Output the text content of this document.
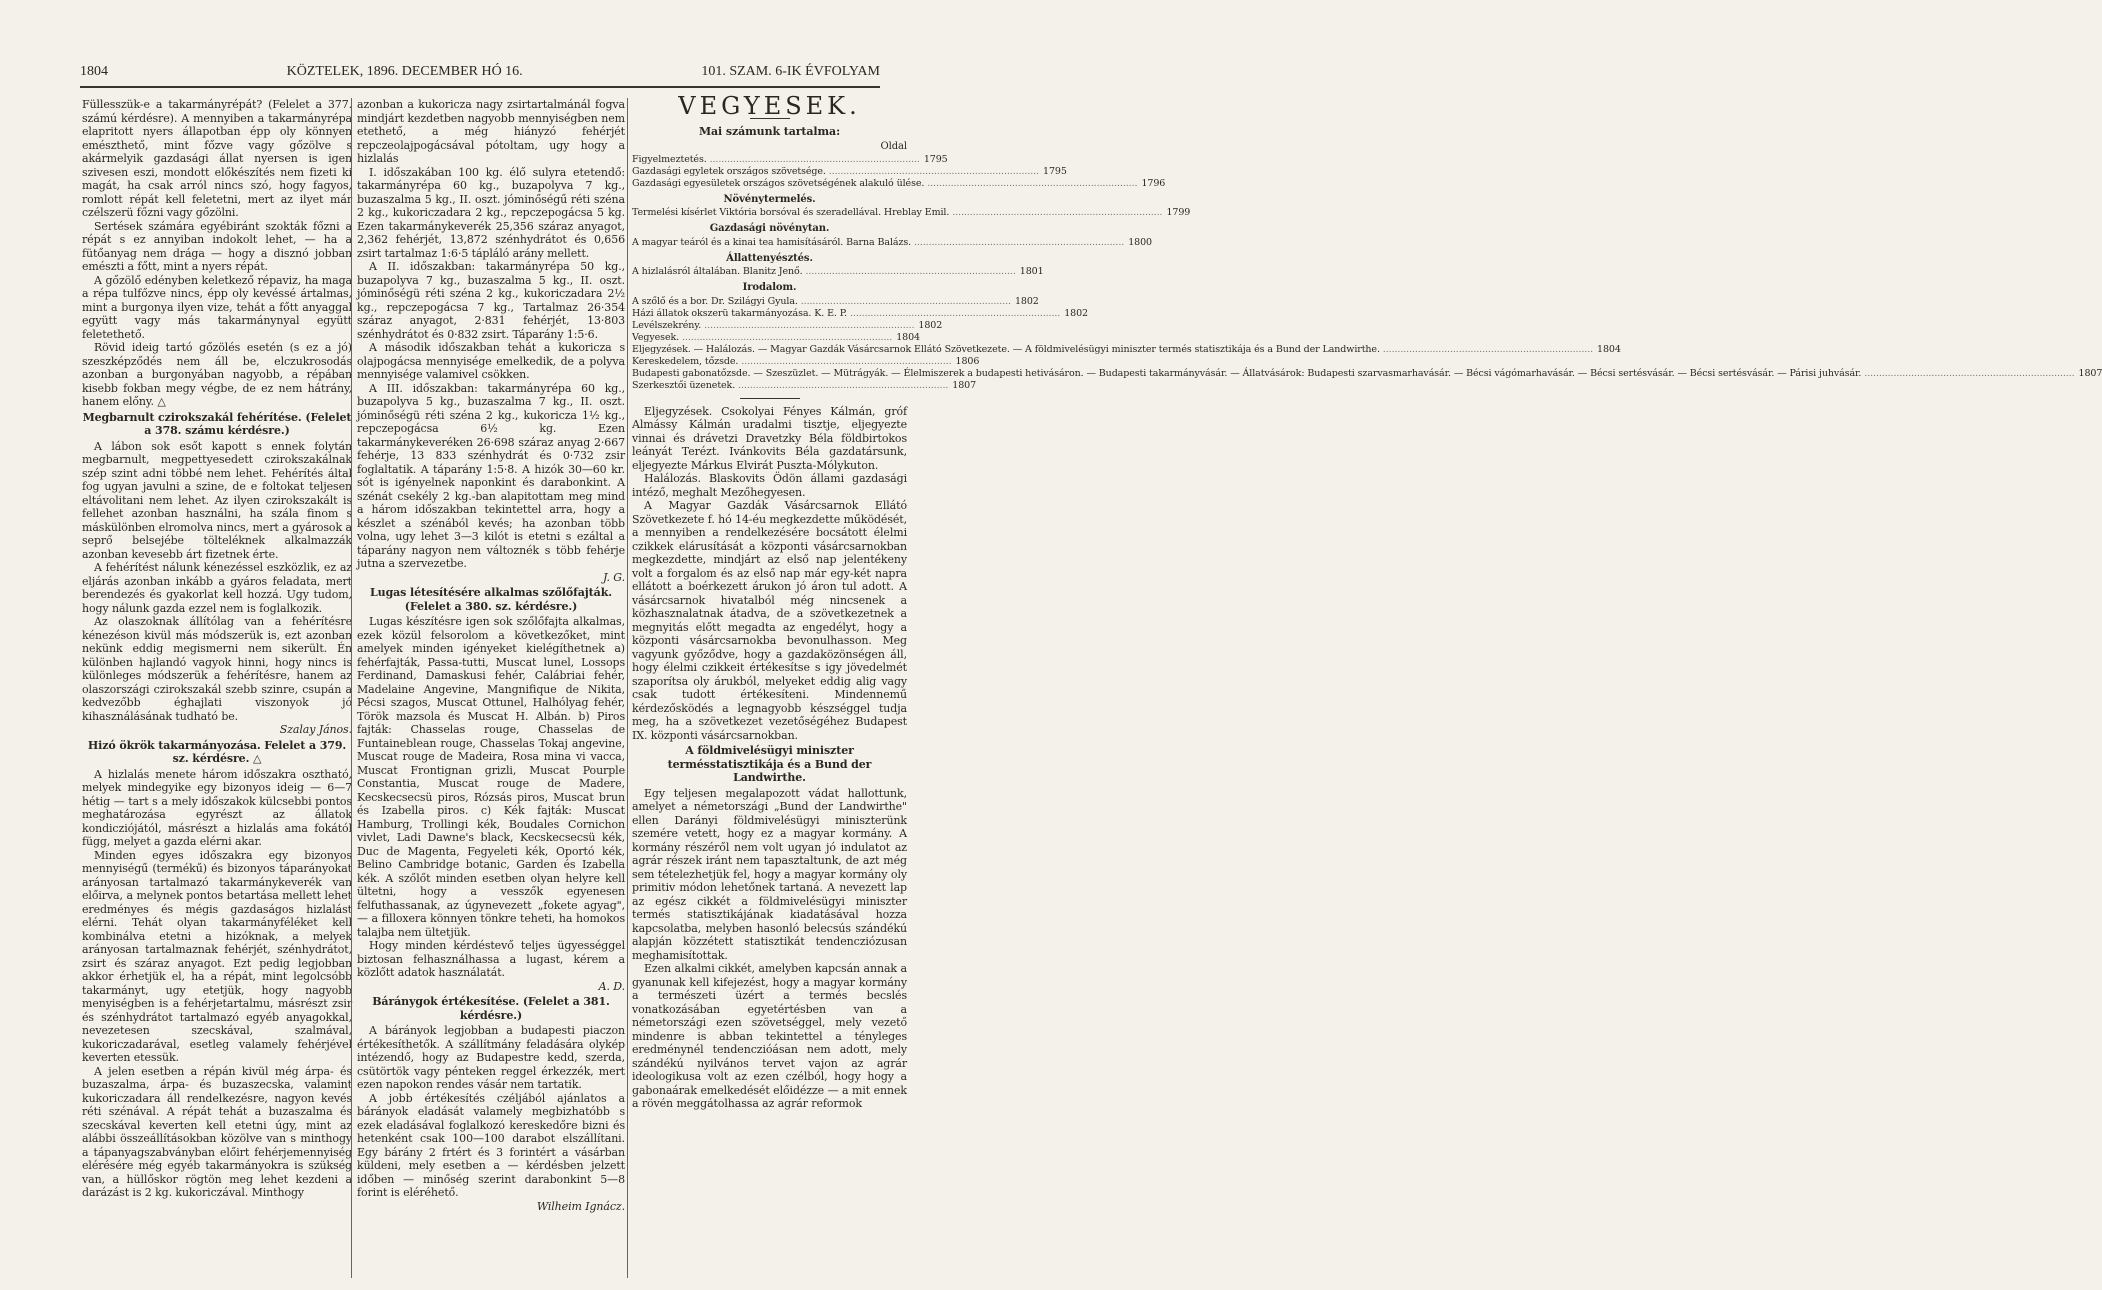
1804	KÖZTELEK, 1896. DECEMBER HÓ 16.	101. SZAM. 6-IK ÉVFOLYAM

Füllesszük-e a takarmányrépát? (Felelet a 377. számú kérdésre). A mennyiben a takarmányrépa elapritott nyers állapotban épp oly könnyen emészthető, mint főzve vagy gőzölve s akármelyik gazdasági állat nyersen is igen szivesen eszi, mondott előkészítés nem fizeti ki magát, ha csak arról nincs szó, hogy fagyos, romlott répát kell feletetni, mert az ilyet már czélszerü főzni vagy gőzölni.

Sertések számára egyébiránt szokták főzni a répát s ez annyiban indokolt lehet, — ha a fütőanyag nem drága — hogy a disznó jobban emészti a főtt, mint a nyers répát.

A gőzölő edényben keletkező répaviz, ha maga a répa tulfőzve nincs, épp oly kevéssé ártalmas, mint a burgonya ilyen vize, tehát a főtt anyaggal együtt vagy más takarmánynyal együtt feletethető.

Rövid ideig tartó gőzölés esetén (s ez a jó) szeszképződés nem áll be, elczukrosodás azonban a burgonyában nagyobb, a répában kisebb fokban megy végbe, de ez nem hátrány, hanem előny. △

Megbarnult czirokszakál fehérítése. (Felelet a 378. számu kérdésre.)

A lábon sok esőt kapott s ennek folytán megbarnult, megpettyesedett czirokszakálnak szép szint adni többé nem lehet. Fehérítés által fog ugyan javulni a szine, de e foltokat teljesen eltávolitani nem lehet. Az ilyen czirokszakált is fellehet azonban használni, ha szála finom s máskülönben elromolva nincs, mert a gyárosok a seprő belsejébe tölteléknek alkalmazzák azonban kevesebb árt fizetnek érte.

A fehérítést nálunk kénezéssel eszközlik, ez az eljárás azonban inkább a gyáros feladata, mert berendezés és gyakorlat kell hozzá. Ugy tudom, hogy nálunk gazda ezzel nem is foglalkozik.

Az olaszoknak állítólag van a fehérítésre kénezéson kivül más módszerük is, ezt azonban nekünk eddig megismerni nem sikerült. Én különben hajlandó vagyok hinni, hogy nincs is különleges módszerük a fehérítésre, hanem az olaszországi czirokszakál szebb szinre, csupán a kedvezőbb éghajlati viszonyok jó kihasználásának tudható be.

Szalay János.

Hizó ökrök takarmányozása. Felelet a 379. sz. kérdésre. △

A hizlalás menete három időszakra osztható, melyek mindegyike egy bizonyos ideig — 6—7 hétig — tart s a mely időszakok külcsebbi pontos meghatározása egyrészt az állatok kondicziójától, másrészt a hizlalás ama fokától függ, melyet a gazda elérni akar.

Minden egyes időszakra egy bizonyos mennyiségű (termékű) és bizonyos táparányokat arányosan tartalmazó takarmánykeverék van előirva, a melynek pontos betartása mellett lehet eredményes és mégis gazdaságos hizlalást elérni. Tehát olyan takarmányféléket kell kombinálva etetni a hizóknak, a melyek arányosan tartalmaznak fehérjét, szénhydrátot, zsirt és száraz anyagot. Ezt pedig legjobban akkor érhetjük el, ha a répát, mint legolcsóbb takarmányt, ugy etetjük, hogy nagyobb menyiségben is a fehérjetartalmu, másrészt zsir és szénhydrátot tartalmazó egyéb anyagokkal, nevezetesen szecskával, szalmával, kukoriczadarával, esetleg valamely fehérjével keverten etessük.

A jelen esetben a répán kivül még árpa- és buzaszalma, árpa- és buzaszecska, valamint kukoriczadara áll rendelkezésre, nagyon kevés réti szénával. A répát tehát a buzaszalma és szecskával keverten kell etetni úgy, mint az alábbi összeállításokban közölve van s minthogy a tápanyagszabványban előirt fehérjemennyiség elérésére még egyéb takarmányokra is szükség van, a hüllőskor rögtön meg lehet kezdeni a darázást is 2 kg. kukoriczával. Minthogy

azonban a kukoricza nagy zsirtartalmánál fogva mindjárt kezdetben nagyobb mennyiségben nem etethető, a még hiányzó fehérjét repczeolajpogácsával pótoltam, ugy hogy a hizlalás

I. időszakában 100 kg. élő sulyra etetendő: takarmányrépa 60 kg., buzapolyva 7 kg., buzaszalma 5 kg., II. oszt. jóminőségű réti széna 2 kg., kukoriczadara 2 kg., repczepogácsa 5 kg. Ezen takarmánykeverék 25,356 száraz anyagot, 2,362 fehérjét, 13,872 szénhydrátot és 0,656 zsirt tartalmaz 1:6·5 tápláló arány mellett.

A II. időszakban: takarmányrépa 50 kg., buzapolyva 7 kg., buzaszalma 5 kg., II. oszt. jóminőségü réti széna 2 kg., kukoriczadara 2½ kg., repczepogácsa 7 kg., Tartalmaz 26·354 száraz anyagot, 2·831 fehérjét, 13·803 szénhydrátot és 0·832 zsirt. Táparány 1:5·6.

A második időszakban tehát a kukoricza s olajpogácsa mennyisége emelkedik, de a polyva mennyisége valamivel csökken.

A III. időszakban: takarmányrépa 60 kg., buzapolyva 5 kg., buzaszalma 7 kg., II. oszt. jóminőségü réti széna 2 kg., kukoricza 1½ kg., repczepogácsa 6½ kg. Ezen takarmánykeveréken 26·698 száraz anyag 2·667 fehérje, 13 833 szénhydrát és 0·732 zsir foglaltatik. A táparány 1:5·8. A hizók 30—60 kr. sót is igényelnek naponkint és darabonkint. A szénát csekély 2 kg.-ban alapitottam meg mind a három időszakban tekintettel arra, hogy a készlet a szénából kevés; ha azonban több volna, ugy lehet 3—3 kilót is etetni s ezáltal a táparány nagyon nem változnék s több fehérje jutna a szervezetbe.

J. G.

Lugas létesítésére alkalmas szőlőfajták. (Felelet a 380. sz. kérdésre.)

Lugas készítésre igen sok szőlőfajta alkalmas, ezek közül felsorolom a következőket, mint amelyek minden igényeket kielégíthetnek a) fehérfajták, Passa-tutti, Muscat lunel, Lossops Ferdinand, Damaskusi fehér, Calábriai fehér, Madelaine Angevine, Mangnifique de Nikita, Pécsi szagos, Muscat Ottunel, Halhólyag fehér, Török mazsola és Muscat H. Albán. b) Piros fajták: Chasselas rouge, Chasselas de Funtaineblean rouge, Chasselas Tokaj angevine, Muscat rouge de Madeira, Rosa mina vi vacca, Muscat Frontignan grizli, Muscat Pourple Constantia, Muscat rouge de Madere, Kecskecsecsü piros, Rózsás piros, Muscat brun és Izabella piros. c) Kék fajták: Muscat Hamburg, Trollingi kék, Boudales Cornichon vivlet, Ladi Dawne's black, Kecskecsecsü kék, Duc de Magenta, Fegyeleti kék, Oportó kék, Belino Cambridge botanic, Garden és Izabella kék. A szőlőt minden esetben olyan helyre kell ültetni, hogy a vesszők egyenesen felfuthassanak, az úgynevezett „fokete agyag", — a filloxera könnyen tönkre teheti, ha homokos talajba nem ültetjük.

Hogy minden kérdéstevő teljes ügyességgel biztosan felhasználhassa a lugast, kérem a közlőtt adatok használatát.

A. D.

Báránygok értékesítése. (Felelet a 381. kérdésre.)

A bárányok legjobban a budapesti piaczon értékesíthetők. A szállítmány feladására olykép intézendő, hogy az Budapestre kedd, szerda, csütörtök vagy pénteken reggel érkezzék, mert ezen napokon rendes vásár nem tartatik.

A jobb értékesítés czéljából ajánlatos a bárányok eladását valamely megbizhatóbb s ezek eladásával foglalkozó kereskedőre bizni és hetenként csak 100—100 darabot elszállítani. Egy bárány 2 frtért és 3 forintért a vásárban küldeni, mely esetben a — kérdésben jelzett időben — minőség szerint darabonkint 5—8 forint is eléréhető.

Wilheim Ignácz.

VEGYESEK.
Mai számunk tartalma:
Oldal
Figyelmeztetés. .....	1795
Gazdasági egyletek országos szövetsége. .....	1795
Gazdasági egyesületek országos szövetségének alakuló ülése. .....	1796
Növénytermelés.
Termelési kísérlet Viktória borsóval és szeradellával. Hreblay Emil. .....	1799
Gazdasági növénytan.
A magyar teáról és a kinai tea hamisításáról. Barna Balázs. .....	1800
Állattenyésztés.
A hizlalásról általában. Blanitz Jenő. .....	1801
Irodalom.
A szőlő és a bor. Dr. Szilágyi Gyula. .....	1802
Házi állatok okszerü takarmányozása. K. E. P. .....	1802
Levélszekrény. .....	1802
Vegyesek. .....	1804
Eljegyzések. — Halálozás. — Magyar Gazdák Vásárcsarnok Ellátó Szövetkezete. — A földmivelésügyi miniszter termés statisztikája és a Bund der Landwirthe. .....	1804
Kereskedelem, tőzsde. .....	1806
Budapesti gabonatőzsde. — Szeszüzlet. — Mütrágyák. — Élelmiszerek a budapesti hetivásáron. — Budapesti takarmányvásár. — Állatvásárok: Budapesti szarvasmarhavásár. — Bécsi vágómarhavásár. — Bécsi sertésvásár. — Bécsi sertésvásár. — Párisi juhvásár. .....	1807
Szerkesztői üzenetek. .....	1807

Eljegyzések. Csokolyai Fényes Kálmán, gróf Almássy Kálmán uradalmi tisztje, eljegyezte vinnai és drávetzi Dravetzky Béla földbirtokos leányát Terézt. Ivánkovits Béla gazdatársunk, eljegyezte Márkus Elvirát Puszta-Mólykuton.

Halálozás. Blaskovits Ödön állami gazdasági intéző, meghalt Mezőhegyesen.

A Magyar Gazdák Vásárcsarnok Ellátó Szövetkezete f. hó 14-éu megkezdette működését, a mennyiben a rendelkezésére bocsátott élelmi czikkek elárusítását a központi vásárcsarnokban megkezdette, mindjárt az első nap jelentékeny volt a forgalom és az első nap már egy-két napra ellátott a boérkezett árukon jó áron tul adott. A vásárcsarnok hivatalból még nincsenek a közhasznalatnak átadva, de a szövetkezetnek a megnyitás előtt megadta az engedélyt, hogy a központi vásárcsarnokba bevonulhasson. Meg vagyunk győződve, hogy a gazdaközönségen áll, hogy élelmi czikkeit értékesítse s igy jövedelmét szaporítsa oly árukból, melyeket eddig alig vagy csak tudott értékesíteni. Mindennemű kérdezősködés a legnagyobb készséggel tudja meg, ha a szövetkezet vezetőségéhez Budapest IX. központi vásárcsarnokban.

A földmivelésügyi miniszter termésstatisztikája és a Bund der Landwirthe.

Egy teljesen megalapozott vádat hallottunk, amelyet a németországi „Bund der Landwirthe" ellen Darányi földmivelésügyi miniszterünk szemére vetett, hogy ez a magyar kormány. A kormány részéről nem volt ugyan jó indulatot az agrár részek iránt nem tapasztaltunk, de azt még sem tételezhetjük fel, hogy a magyar kormány oly primitiv módon lehetőnek tartaná. A nevezett lap az egész cikkét a földmivelésügyi miniszter termés statisztikájának kiadatásával hozza kapcsolatba, melyben hasonló belecsús szándékú alapján közzétett statisztikát tendencziózusan meghamisítottak.

Ezen alkalmi cikkét, amelyben kapcsán annak a gyanunak kell kifejezést, hogy a magyar kormány a természeti üzért a termés becslés vonatkozásában egyetértésben van a németországi ezen szövetséggel, mely vezető mindenre is abban tekintettel a tényleges eredménynél tendenczióásan nem adott, mely szándékú nyilvános tervet vajon az agrár ideologikusa volt az ezen czélból, hogy hogy a gabonaárak emelkedését előidézze — a mit ennek a rövén meggátolhassa az agrár reformok
